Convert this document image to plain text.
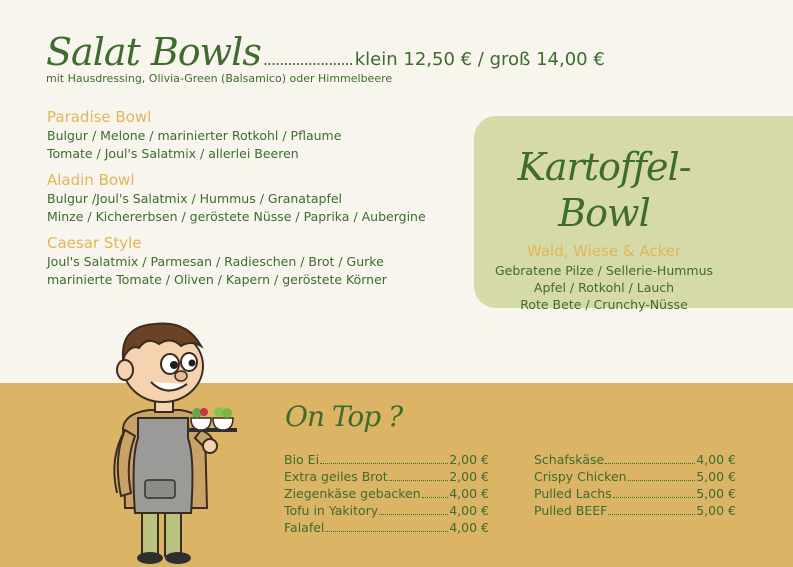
Salat Bowls ...................... klein 12,50 € / groß 14,00 €
mit Hausdressing, Olivia-Green (Balsamico) oder Himmelbeere
Paradise Bowl
Bulgur / Melone / marinierter Rotkohl / Pflaume
Tomate / Joul's Salatmix / allerlei Beeren
Aladin Bowl
Bulgur /Joul's Salatmix / Hummus / Granatapfel
Minze / Kichererbsen / geröstete Nüsse / Paprika / Aubergine
Caesar Style
Joul's Salatmix / Parmesan / Radieschen / Brot / Gurke
marinierte Tomate / Oliven / Kapern / geröstete Körner
Kartoffel-Bowl
Wald, Wiese & Acker
Gebratene Pilze / Sellerie-Hummus
Apfel / Rotkohl / Lauch
Rote Bete / Crunchy-Nüsse
On Top ?
Bio Ei	2,00 €
Extra geiles Brot	2,00 €
Ziegenkäse gebacken 4,00 €
Tofu in Yakitory	4,00 €
Falafel	4,00 €
Schafskäse	4,00 €
Crispy Chicken	5,00 €
Pulled Lachs	5,00 €
Pulled BEEF	5,00 €
